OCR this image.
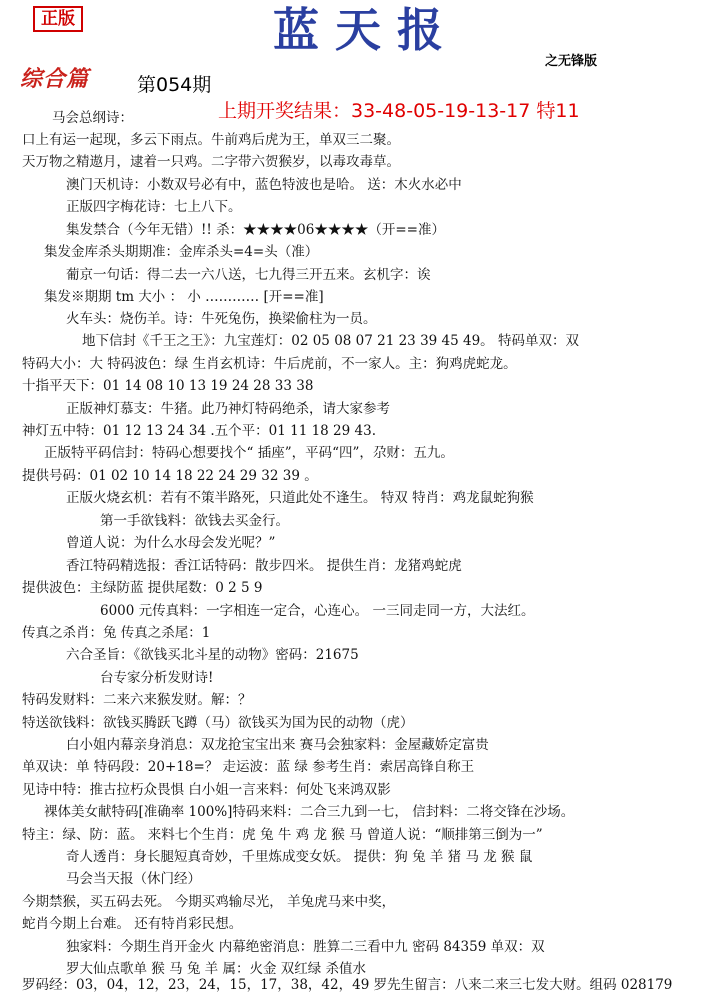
正版	蓝天报
之无锋版
综合篇	第054期
上期开奖结果：33-48-05-19-13-17 特11
马会总纲诗：
口上有运一起现，多云下雨点。牛前鸡后虎为王，单双三二聚。
天万物之精遨月，逮着一只鸡。二字带六贺猴岁，以毒攻毒草。
澳门天机诗：小数双号必有中，蓝色特波也是哈。 送：木火水必中
正版四字梅花诗：七上八下。
集发禁合（今年无错）!! 杀：★★★★06★★★★（开==准）
集发金库杀头期期准：金库杀头=4=头（准）
葡京一句话：得二去一六八送，七九得三开五来。玄机字：诶
集发※期期 tm 大小 ： 小 ………… [开==准]
火车头：烧伤羊。诗：牛死兔伤，换梁偷柱为一员。
地下信封《千王之王》：九宝莲灯：02 05 08 07 21 23 39 45 49。 特码单双：双
特码大小：大 特码波色：绿 生肖玄机诗：牛后虎前，不一家人。主：狗鸡虎蛇龙。
十指平天下：01 14 08 10 13 19 24 28 33 38
正版神灯慕支：牛猪。此乃神灯特码绝杀，请大家参考
神灯五中特：01 12 13 24 34 .五个平：01 11 18 29 43.
正版特平码信封：特码心想要找个“ 插座”，平码“四”，尕财：五九。
提供号码：01 02 10 14 18 22 24 29 32 39 。
正版火烧玄机：若有不策半路死，只道此处不逢生。 特双 特肖：鸡龙鼠蛇狗猴
第一手欲钱料：欲钱去买金行。
曾道人说：为什么水母会发光呢？”
香江特码精选报：香江话特码：散步四米。 提供生肖：龙猪鸡蛇虎
提供波色：主绿防蓝 提供尾数：0 2 5 9
6000 元传真料：一字相连一定合，心连心。 一三同走同一方，大法红。
传真之杀肖：兔 传真之杀尾：1
六合圣旨：《欲钱买北斗星的动物》密码：21675
台专家分析发财诗!
特码发财料：二来六来猴发财。解：？
特送欲钱料：欲钱买腾跃飞蹲（马）欲钱买为国为民的动物（虎）
白小姐内幕亲身消息：双龙抢宝宝出来 赛马会独家料：金屋藏娇定富贵
单双诀：单 特码段：20+18=？ 走运波：蓝 绿 参考生肖：索居高锋自称王
见诗中特：推古拉朽众畏惧 白小姐一言来料：何处飞来鸿双影
裸体美女献特码[准确率 100%]特码来料：二合三九到一七， 信封料：二将交锋在沙场。
特主：绿、防：蓝。 来料七个生肖：虎 兔 牛 鸡 龙 猴 马 曾道人说：“顺排第三倒为一”
奇人透肖：身长腿短真奇妙，千里炼成变女妖。 提供：狗 兔 羊 猪 马 龙 猴 鼠
马会当天报（休门经）
今期禁猴，买五码去死。 今期买鸡输尽光， 羊兔虎马来中奖，
蛇肖今期上台难。 还有特肖彩民想。
独家料：今期生肖开金火 内幕绝密消息：胜算二三看中九 密码 84359 单双：双
罗大仙点歌单 猴 马 兔 羊 属：火金 双红绿 杀值水
罗码经：03，04，12，23，24，15，17，38，42，49 罗先生留言：八来二来三七发大财。组码 028179
